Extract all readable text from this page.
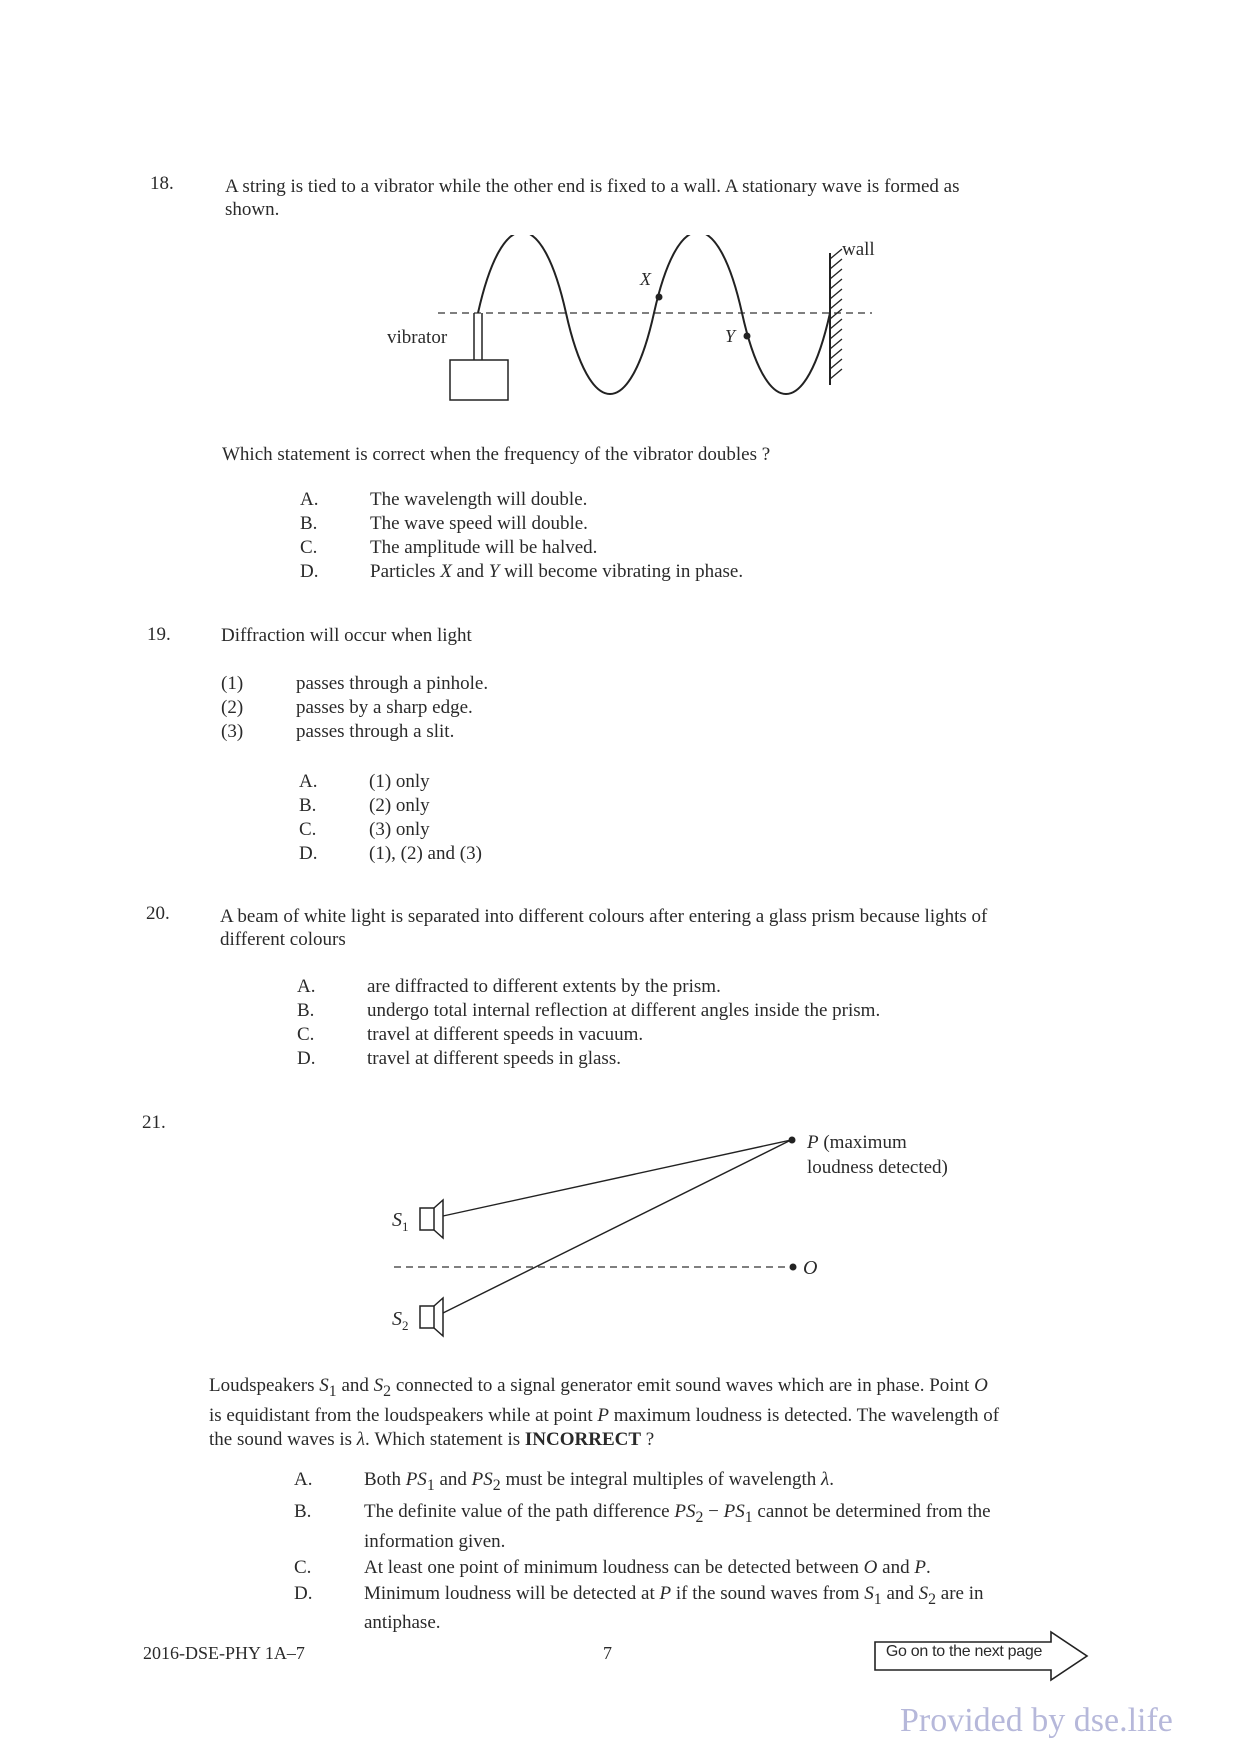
18.	A string is tied to a vibrator while the other end is fixed to a wall. A stationary wave is formed as
shown.
vibrator
wall
X
Y
Which statement is correct when the frequency of the vibrator doubles ?
A.	The wavelength will double.
B.	The wave speed will double.
C.	The amplitude will be halved.
D.	Particles X and Y will become vibrating in phase.
19.	Diffraction will occur when light
(1)	passes through a pinhole.
(2)	passes by a sharp edge.
(3)	passes through a slit.
A.	(1) only
B.	(2) only
C.	(3) only
D.	(1), (2) and (3)
20.	A beam of white light is separated into different colours after entering a glass prism because lights of
different colours
A.	are diffracted to different extents by the prism.
B.	undergo total internal reflection at different angles inside the prism.
C.	travel at different speeds in vacuum.
D.	travel at different speeds in glass.
21.
O
$S_1$
$S_2$
P (maximum
loudness detected)
Loudspeakers $S_1$ and $S_2$ connected to a signal generator emit sound waves which are in phase. Point O
is equidistant from the loudspeakers while at point P maximum loudness is detected. The wavelength of
the sound waves is λ. Which statement is INCORRECT ?
A.	Both $PS_1$ and $PS_2$ must be integral multiples of wavelength λ.
B.	The definite value of the path difference $PS_2 - PS_1$ cannot be determined from the
information given.
C.	At least one point of minimum loudness can be detected between O and P.
D.	Minimum loudness will be detected at P if the sound waves from $S_1$ and $S_2$ are in
antiphase.
2016-DSE-PHY 1A–7	7	Go on to the next page
Provided by dse.life
